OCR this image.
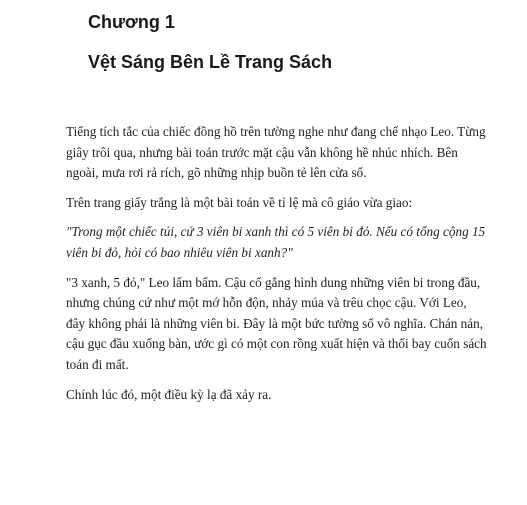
Chương 1
Vệt Sáng Bên Lề Trang Sách

Tiếng tích tắc của chiếc đồng hồ trên tường nghe như đang chế nhạo Leo. Từng giây trôi qua, nhưng bài toán trước mặt cậu vẫn không hề nhúc nhích. Bên ngoài, mưa rơi rả rích, gõ những nhịp buồn tẻ lên cửa sổ.

Trên trang giấy trắng là một bài toán về tỉ lệ mà cô giáo vừa giao:

"Trong một chiếc túi, cứ 3 viên bi xanh thì có 5 viên bi đỏ. Nếu có tổng cộng 15 viên bi đỏ, hỏi có bao nhiêu viên bi xanh?"

"3 xanh, 5 đỏ," Leo lẩm bẩm. Cậu cố gắng hình dung những viên bi trong đầu, nhưng chúng cứ như một mớ hỗn độn, nhảy múa và trêu chọc cậu. Với Leo, đây không phải là những viên bi. Đây là một bức tường số vô nghĩa. Chán nản, cậu gục đầu xuống bàn, ước gì có một con rồng xuất hiện và thổi bay cuốn sách toán đi mất.

Chính lúc đó, một điều kỳ lạ đã xảy ra.
